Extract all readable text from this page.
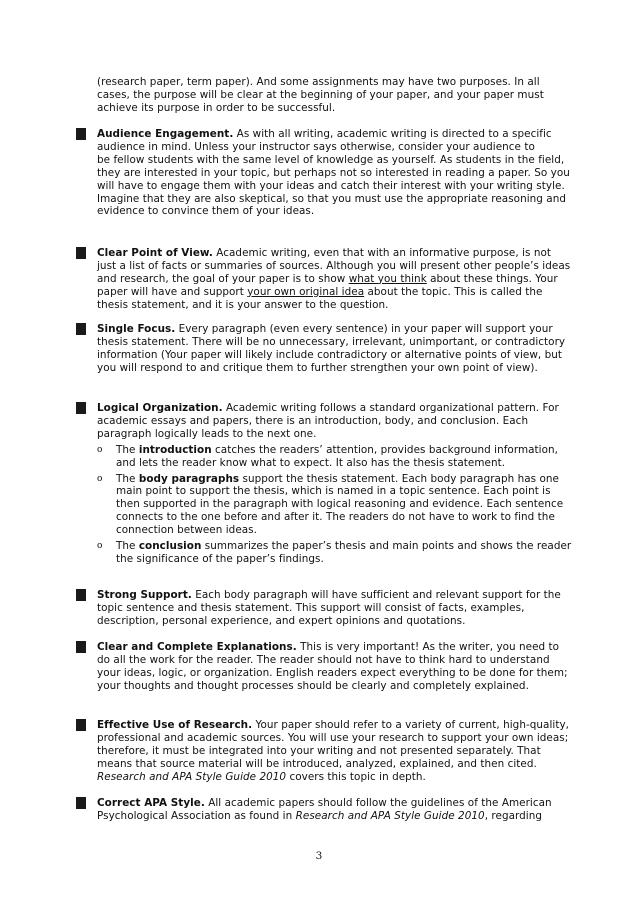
(research paper, term paper). And some assignments may have two purposes. In all cases, the purpose will be clear at the beginning of your paper, and your paper must achieve its purpose in order to be successful.

Audience Engagement. As with all writing, academic writing is directed to a specific audience in mind. Unless your instructor says otherwise, consider your audience to

be fellow students with the same level of knowledge as yourself. As students in the field, they are interested in your topic, but perhaps not so interested in reading a paper. So you will have to engage them with your ideas and catch their interest with your writing style. Imagine that they are also skeptical, so that you must use the appropriate reasoning and evidence to convince them of your ideas.

Clear Point of View. Academic writing, even that with an informative purpose, is not just a list of facts or summaries of sources. Although you will present other people’s ideas and research, the goal of your paper is to show what you think about these things. Your paper will have and support your own original idea about the topic. This is called the thesis statement, and it is your answer to the question.

Single Focus. Every paragraph (even every sentence) in your paper will support your thesis statement. There will be no unnecessary, irrelevant, unimportant, or contradictory information (Your paper will likely include contradictory or alternative points of view, but you will respond to and critique them to further strengthen your own point of view).

Logical Organization. Academic writing follows a standard organizational pattern. For academic essays and papers, there is an introduction, body, and conclusion. Each paragraph logically leads to the next one.

o The introduction catches the readers’ attention, provides background information, and lets the reader know what to expect. It also has the thesis statement.
o The body paragraphs support the thesis statement. Each body paragraph has one main point to support the thesis, which is named in a topic sentence. Each point is then supported in the paragraph with logical reasoning and evidence. Each sentence connects to the one before and after it. The readers do not have to work to find the connection between ideas.
o The conclusion summarizes the paper’s thesis and main points and shows the reader the significance of the paper’s findings.

Strong Support. Each body paragraph will have sufficient and relevant support for the topic sentence and thesis statement. This support will consist of facts, examples, description, personal experience, and expert opinions and quotations.

Clear and Complete Explanations. This is very important! As the writer, you need to do all the work for the reader. The reader should not have to think hard to understand your ideas, logic, or organization. English readers expect everything to be done for them; your thoughts and thought processes should be clearly and completely explained.

Effective Use of Research. Your paper should refer to a variety of current, high-quality, professional and academic sources. You will use your research to support your own ideas; therefore, it must be integrated into your writing and not presented separately. That means that source material will be introduced, analyzed, explained, and then cited. Research and APA Style Guide 2010 covers this topic in depth.

Correct APA Style. All academic papers should follow the guidelines of the American Psychological Association as found in Research and APA Style Guide 2010, regarding

3
